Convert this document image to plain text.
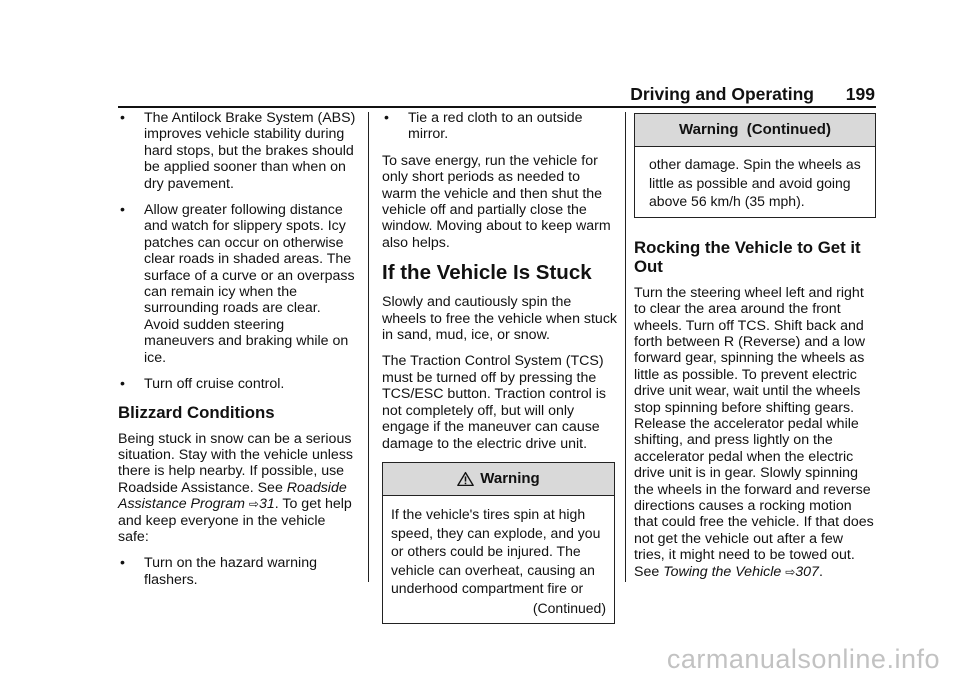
Driving and Operating 199
• The Antilock Brake System (ABS) improves vehicle stability during hard stops, but the brakes should be applied sooner than when on dry pavement.
• Allow greater following distance and watch for slippery spots. Icy patches can occur on otherwise clear roads in shaded areas. The surface of a curve or an overpass can remain icy when the surrounding roads are clear. Avoid sudden steering maneuvers and braking while on ice.
• Turn off cruise control.
Blizzard Conditions

Being stuck in snow can be a serious situation. Stay with the vehicle unless there is help nearby. If possible, use Roadside Assistance. See Roadside Assistance Program ⇨31. To get help and keep everyone in the vehicle safe:

• Turn on the hazard warning flashers.
• Tie a red cloth to an outside mirror.

To save energy, run the vehicle for only short periods as needed to warm the vehicle and then shut the vehicle off and partially close the window. Moving about to keep warm also helps.

If the Vehicle Is Stuck

Slowly and cautiously spin the wheels to free the vehicle when stuck in sand, mud, ice, or snow.

The Traction Control System (TCS) must be turned off by pressing the TCS/ESC button. Traction control is not completely off, but will only engage if the maneuver can cause damage to the electric drive unit.

Warning
If the vehicle's tires spin at high speed, they can explode, and you or others could be injured. The vehicle can overheat, causing an underhood compartment fire or
(Continued)
Warning  (Continued)
other damage. Spin the wheels as little as possible and avoid going above 56 km/h (35 mph).
Rocking the Vehicle to Get it Out

Turn the steering wheel left and right to clear the area around the front wheels. Turn off TCS. Shift back and forth between R (Reverse) and a low forward gear, spinning the wheels as little as possible. To prevent electric drive unit wear, wait until the wheels stop spinning before shifting gears. Release the accelerator pedal while shifting, and press lightly on the accelerator pedal when the electric drive unit is in gear. Slowly spinning the wheels in the forward and reverse directions causes a rocking motion that could free the vehicle. If that does not get the vehicle out after a few tries, it might need to be towed out. See Towing the Vehicle ⇨307.

carmanualsonline.info
